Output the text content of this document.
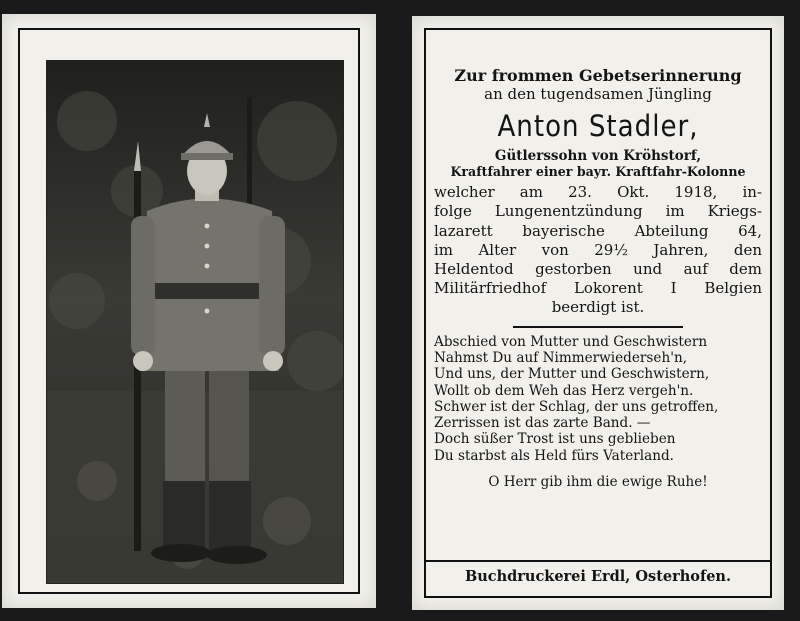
Zur frommen Gebetserinnerung

an den tugendsamen Jüngling

Anton Stadler,

Gütlerssohn von Kröhstorf,

Kraftfahrer einer bayr. Kraftfahr-Kolonne

welcher am 23. Okt. 1918, in-

folge Lungenentzündung im Kriegs-

lazarett bayerische Abteilung 64,

im Alter von 29½ Jahren, den

Heldentod gestorben und auf dem

Militärfriedhof Lokorent I Belgien

beerdigt ist.

Abschied von Mutter und Geschwistern

Nahmst Du auf Nimmerwiederseh'n,

Und uns, der Mutter und Geschwistern,

Wollt ob dem Weh das Herz vergeh'n.

Schwer ist der Schlag, der uns getroffen,

Zerrissen ist das zarte Band. —

Doch süßer Trost ist uns geblieben

Du starbst als Held fürs Vaterland.

O Herr gib ihm die ewige Ruhe!

Buchdruckerei Erdl, Osterhofen.
